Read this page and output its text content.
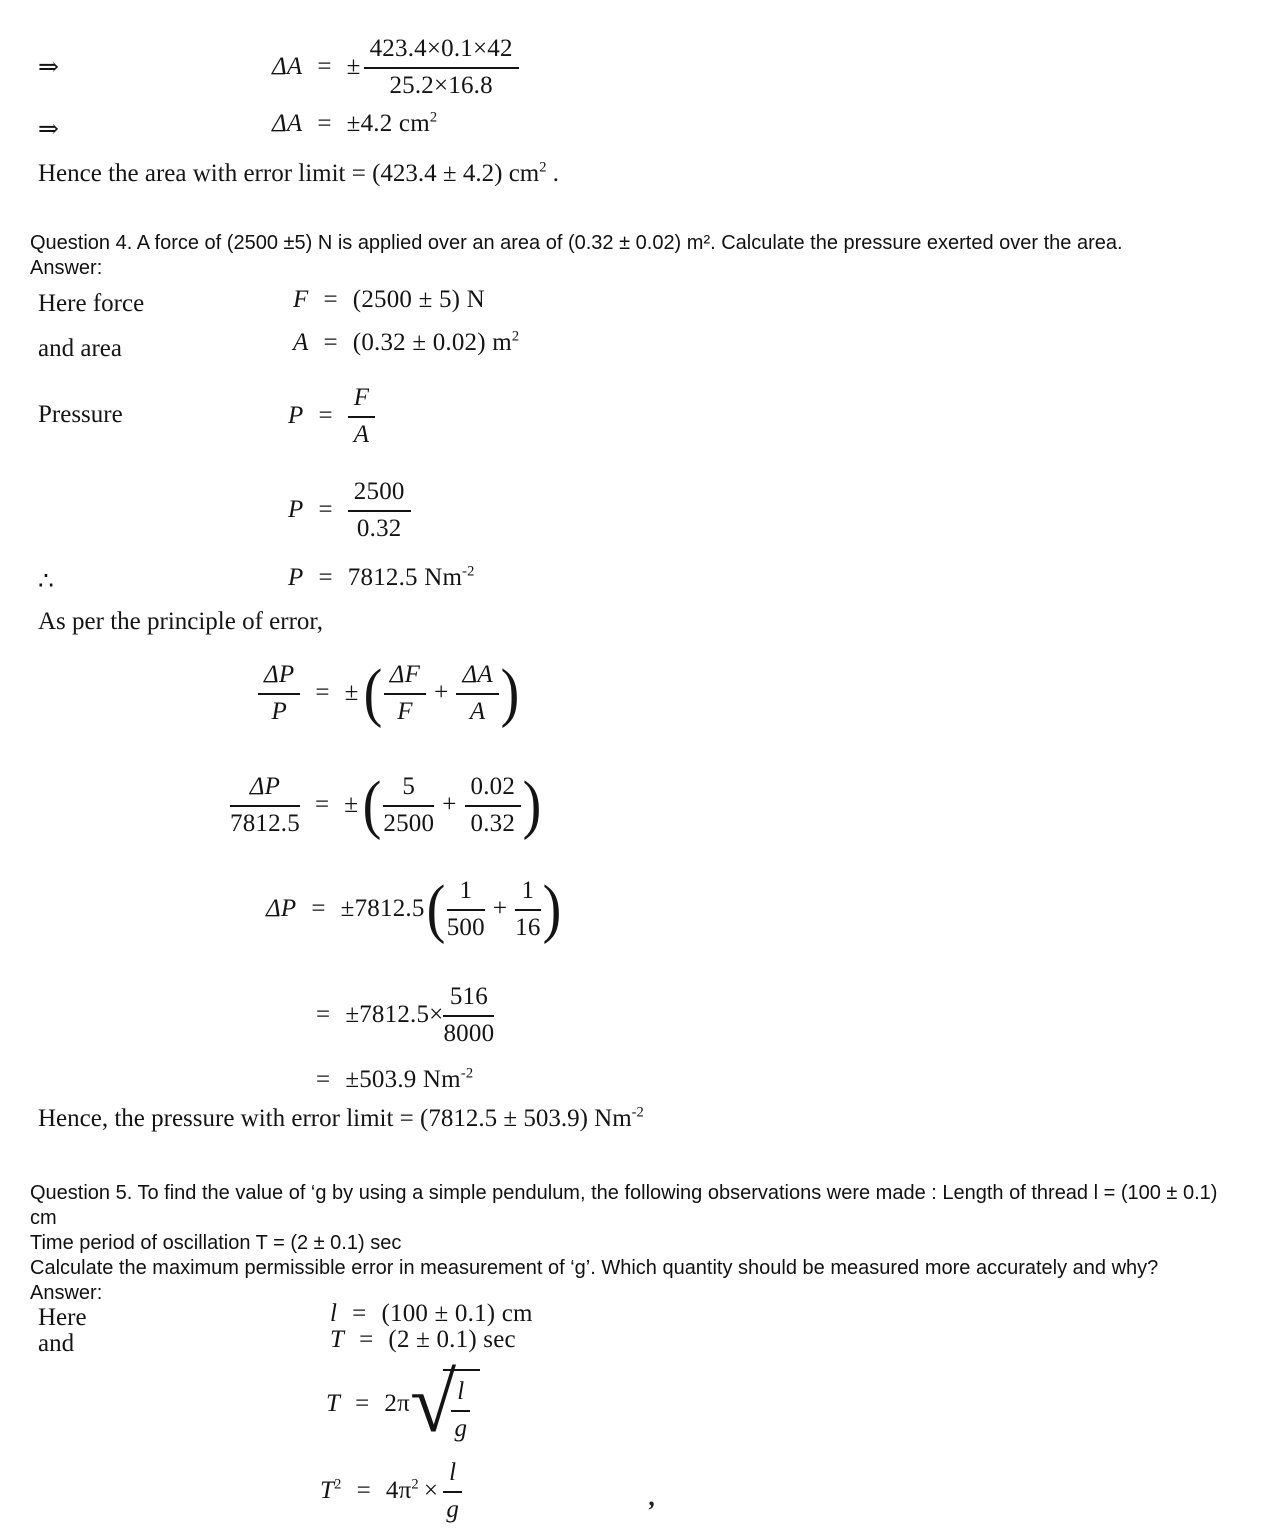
⇒	ΔA = ± $\frac{423.4\times 0.1\times 42}{25.2\times 16.8}$
⇒	ΔA = ±4.2 $cm^2$
Hence the area with error limit = (423.4 ± 4.2) $cm^2$ .

Question 4. A force of (2500 ±5) N is applied over an area of (0.32 ± 0.02) m². Calculate the pressure exerted over the area.

Answer:

Here force	F = (2500 ± 5) N
and area	A = (0.32 ± 0.02) $m^2$
Pressure	$P = \frac{F}{A}$
$P = \frac{2500}{0.32}$
∴	P = 7812.5 $Nm^{-2}$
As per the principle of error,
$\frac{\Delta P}{P}$ = ± ( $\frac{\Delta F}{F} + \frac{\Delta A}{A}$ )
$\frac{\Delta P}{7812.5}$ = ± ( $\frac{5}{2500} + \frac{0.02}{0.32}$ )
ΔP = ±7812.5 ( $\frac{1}{500} + \frac{1}{16}$ )
= $\pm 7812.5\times \frac{516}{8000}$
= ±503.9 $Nm^{-2}$
Hence, the pressure with error limit = (7812.5 ± 503.9) $Nm^{-2}$

Question 5. To find the value of ‘g by using a simple pendulum, the following observations were made : Length of thread l = (100 ± 0.1)

cm

Time period of oscillation T = (2 ± 0.1) sec

Calculate the maximum permissible error in measurement of ‘g’. Which quantity should be measured more accurately and why?

Answer:

Here	l = (100 ± 0.1) cm
and	T = (2 ± 0.1) sec
T = 2π √
$\frac{l}{g}$
$T^2 = 4\pi^2 \times \frac{l}{g}$	’
